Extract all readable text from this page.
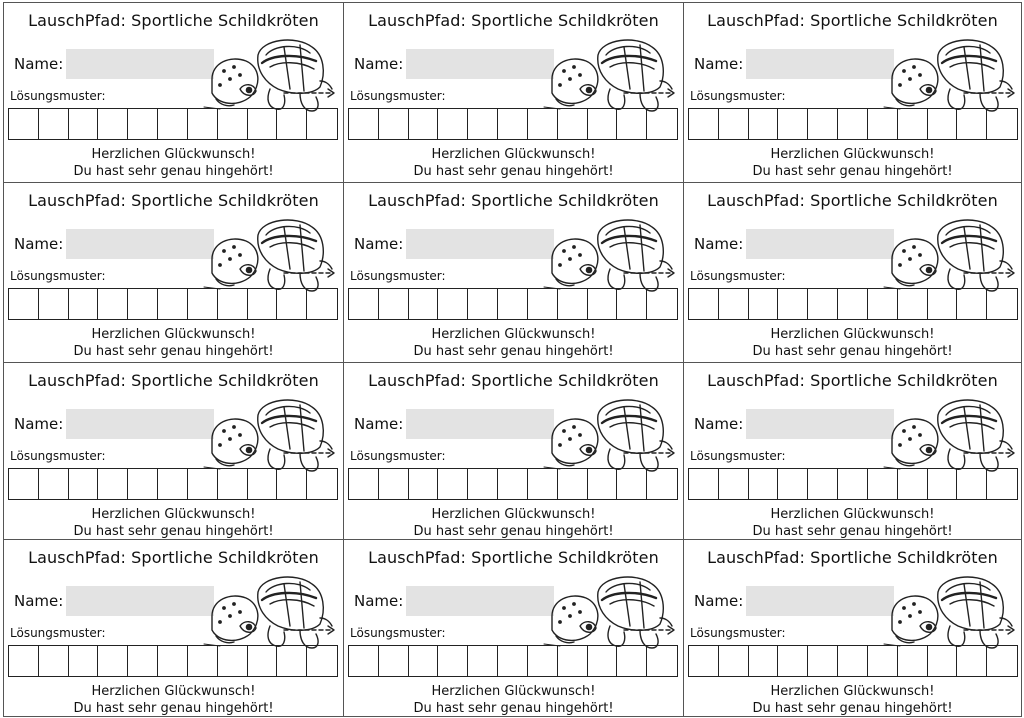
LauschPfad: Sportliche Schildkröten
Name:
Lösungsmuster:
Herzlichen Glückwunsch!
Du hast sehr genau hingehört!
LauschPfad: Sportliche Schildkröten
Name:
Lösungsmuster:
Herzlichen Glückwunsch!
Du hast sehr genau hingehört!
LauschPfad: Sportliche Schildkröten
Name:
Lösungsmuster:
Herzlichen Glückwunsch!
Du hast sehr genau hingehört!
LauschPfad: Sportliche Schildkröten
Name:
Lösungsmuster:
Herzlichen Glückwunsch!
Du hast sehr genau hingehört!
LauschPfad: Sportliche Schildkröten
Name:
Lösungsmuster:
Herzlichen Glückwunsch!
Du hast sehr genau hingehört!
LauschPfad: Sportliche Schildkröten
Name:
Lösungsmuster:
Herzlichen Glückwunsch!
Du hast sehr genau hingehört!
LauschPfad: Sportliche Schildkröten
Name:
Lösungsmuster:
Herzlichen Glückwunsch!
Du hast sehr genau hingehört!
LauschPfad: Sportliche Schildkröten
Name:
Lösungsmuster:
Herzlichen Glückwunsch!
Du hast sehr genau hingehört!
LauschPfad: Sportliche Schildkröten
Name:
Lösungsmuster:
Herzlichen Glückwunsch!
Du hast sehr genau hingehört!
LauschPfad: Sportliche Schildkröten
Name:
Lösungsmuster:
Herzlichen Glückwunsch!
Du hast sehr genau hingehört!
LauschPfad: Sportliche Schildkröten
Name:
Lösungsmuster:
Herzlichen Glückwunsch!
Du hast sehr genau hingehört!
LauschPfad: Sportliche Schildkröten
Name:
Lösungsmuster:
Herzlichen Glückwunsch!
Du hast sehr genau hingehört!
